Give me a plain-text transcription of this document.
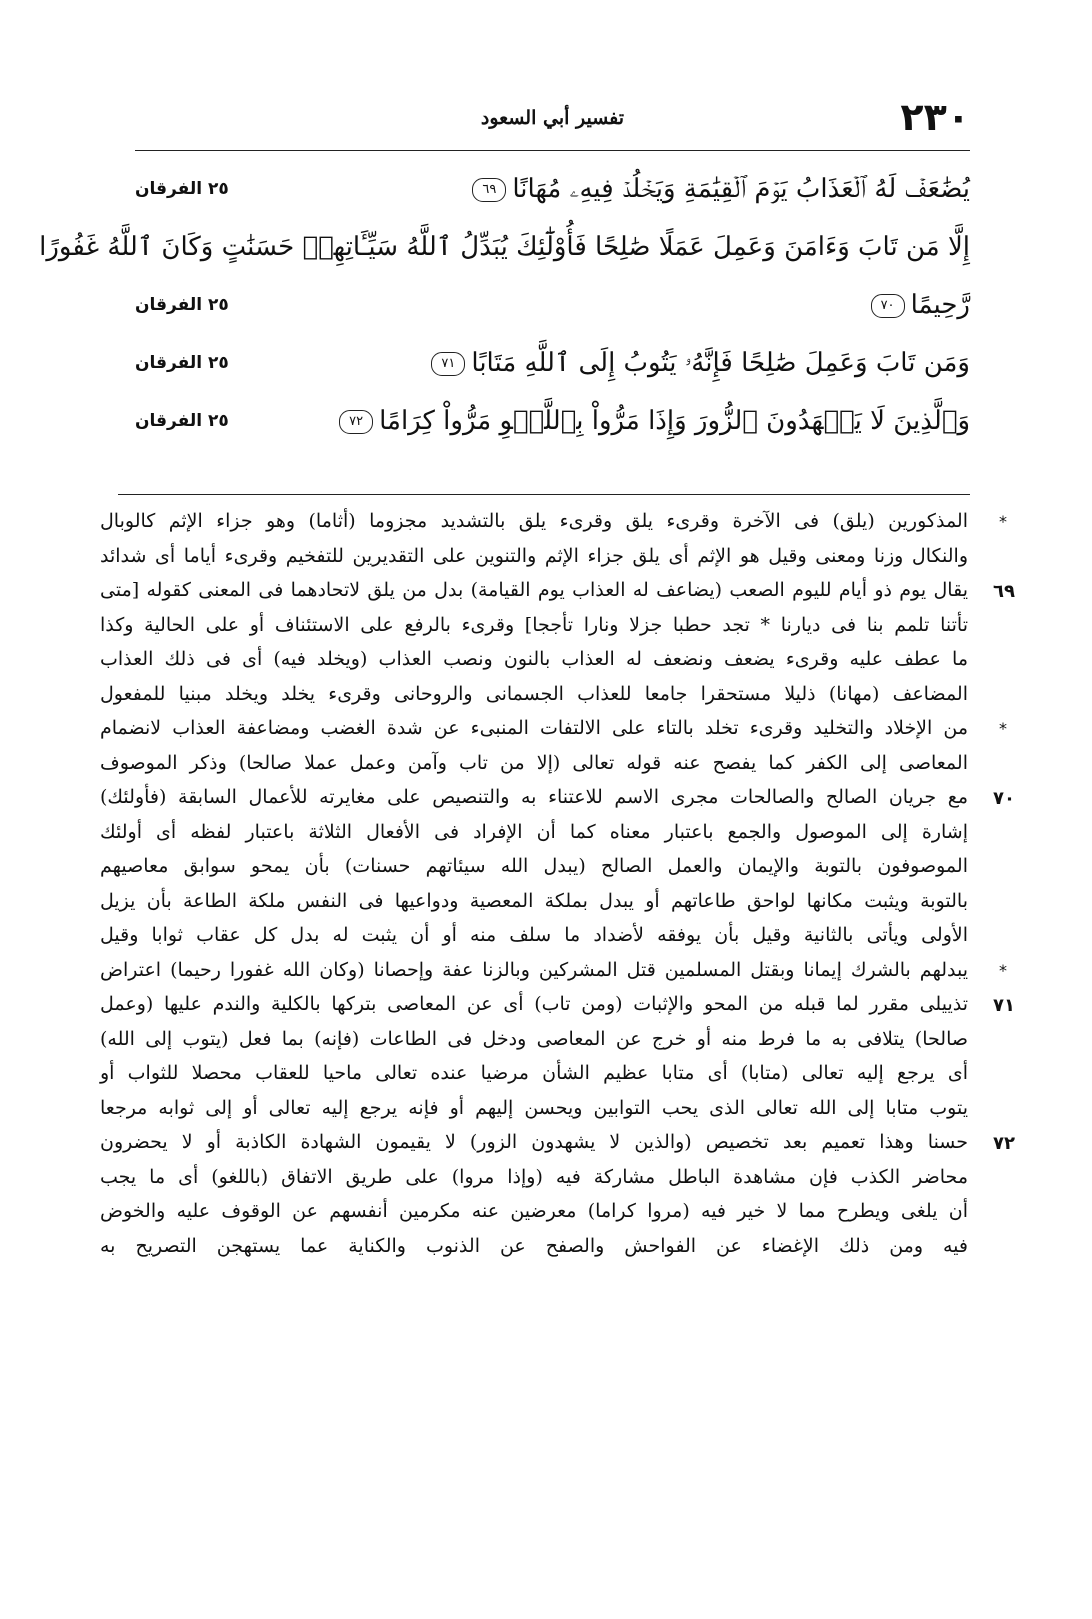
٢٣٠
تفسير أبي السعود
يُضَٰعَفۡ لَهُ ٱلۡعَذَابُ يَوۡمَ ٱلۡقِيَٰمَةِ وَيَخۡلُدۡ فِيهِۦ مُهَانًا٦٩
٢٥ الفرقان
إِلَّا مَن تَابَ وَءَامَنَ وَعَمِلَ عَمَلًا صَٰلِحًا فَأُوْلَٰٓئِكَ يُبَدِّلُ ٱللَّهُ سَيِّـَٔاتِهِمۡ حَسَنَٰتٍ وَكَانَ ٱللَّهُ غَفُورًا
رَّحِيمًا٧٠
٢٥ الفرقان
وَمَن تَابَ وَعَمِلَ صَٰلِحًا فَإِنَّهُۥ يَتُوبُ إِلَى ٱللَّهِ مَتَابًا٧١
٢٥ الفرقان
وَٱلَّذِينَ لَا يَشۡهَدُونَ ٱلزُّورَ وَإِذَا مَرُّواْ بِٱللَّغۡوِ مَرُّواْ كِرَامًا٧٢
٢٥ الفرقان
المذكورين (يلق) فى الآخرة وقرىء يلق وقرىء يلق بالتشديد مجزوما (أثاما) وهو جزاء الإثم كالوبال
والنكال وزنا ومعنى وقيل هو الإثم أى يلق جزاء الإثم والتنوين على التقديرين للتفخيم وقرىء أياما أى شدائد
يقال يوم ذو أيام لليوم الصعب (يضاعف له العذاب يوم القيامة) بدل من يلق لاتحادهما فى المعنى كقوله [متى
تأتنا تلمم بنا فى ديارنا * تجد حطبا جزلا ونارا تأججا] وقرىء بالرفع على الاستئناف أو على الحالية وكذا
ما عطف عليه وقرىء يضعف ونضعف له العذاب بالنون ونصب العذاب (ويخلد فيه) أى فى ذلك العذاب
المضاعف (مهانا) ذليلا مستحقرا جامعا للعذاب الجسمانى والروحانى وقرىء يخلد ويخلد مبنيا للمفعول
من الإخلاد والتخليد وقرىء تخلد بالتاء على الالتفات المنبىء عن شدة الغضب ومضاعفة العذاب لانضمام
المعاصى إلى الكفر كما يفصح عنه قوله تعالى (إلا من تاب وآمن وعمل عملا صالحا) وذكر الموصوف
مع جريان الصالح والصالحات مجرى الاسم للاعتناء به والتنصيص على مغايرته للأعمال السابقة (فأولئك)
إشارة إلى الموصول والجمع باعتبار معناه كما أن الإفراد فى الأفعال الثلاثة باعتبار لفظه أى أولئك
الموصوفون بالتوبة والإيمان والعمل الصالح (يبدل الله سيئاتهم حسنات) بأن يمحو سوابق معاصيهم
بالتوبة ويثبت مكانها لواحق طاعاتهم أو يبدل بملكة المعصية ودواعيها فى النفس ملكة الطاعة بأن يزيل
الأولى ويأتى بالثانية وقيل بأن يوفقه لأضداد ما سلف منه أو أن يثبت له بدل كل عقاب ثوابا وقيل
يبدلهم بالشرك إيمانا وبقتل المسلمين قتل المشركين وبالزنا عفة وإحصانا (وكان الله غفورا رحيما) اعتراض
تذييلى مقرر لما قبله من المحو والإثبات (ومن تاب) أى عن المعاصى بتركها بالكلية والندم عليها (وعمل
صالحا) يتلافى به ما فرط منه أو خرج عن المعاصى ودخل فى الطاعات (فإنه) بما فعل (يتوب إلى الله)
أى يرجع إليه تعالى (متابا) أى متابا عظيم الشأن مرضيا عنده تعالى ماحيا للعقاب محصلا للثواب أو
يتوب متابا إلى الله تعالى الذى يحب التوابين ويحسن إليهم أو فإنه يرجع إليه تعالى أو إلى ثوابه مرجعا
حسنا وهذا تعميم بعد تخصيص (والذين لا يشهدون الزور) لا يقيمون الشهادة الكاذبة أو لا يحضرون
محاضر الكذب فإن مشاهدة الباطل مشاركة فيه (وإذا مروا) على طريق الاتفاق (باللغو) أى ما يجب
أن يلغى ويطرح مما لا خير فيه (مروا كراما) معرضين عنه مكرمين أنفسهم عن الوقوف عليه والخوض
فيه ومن ذلك الإغضاء عن الفواحش والصفح عن الذنوب والكناية عما يستهجن التصريح به
*
٦٩
*
٧٠
*
٧١
٧٢
